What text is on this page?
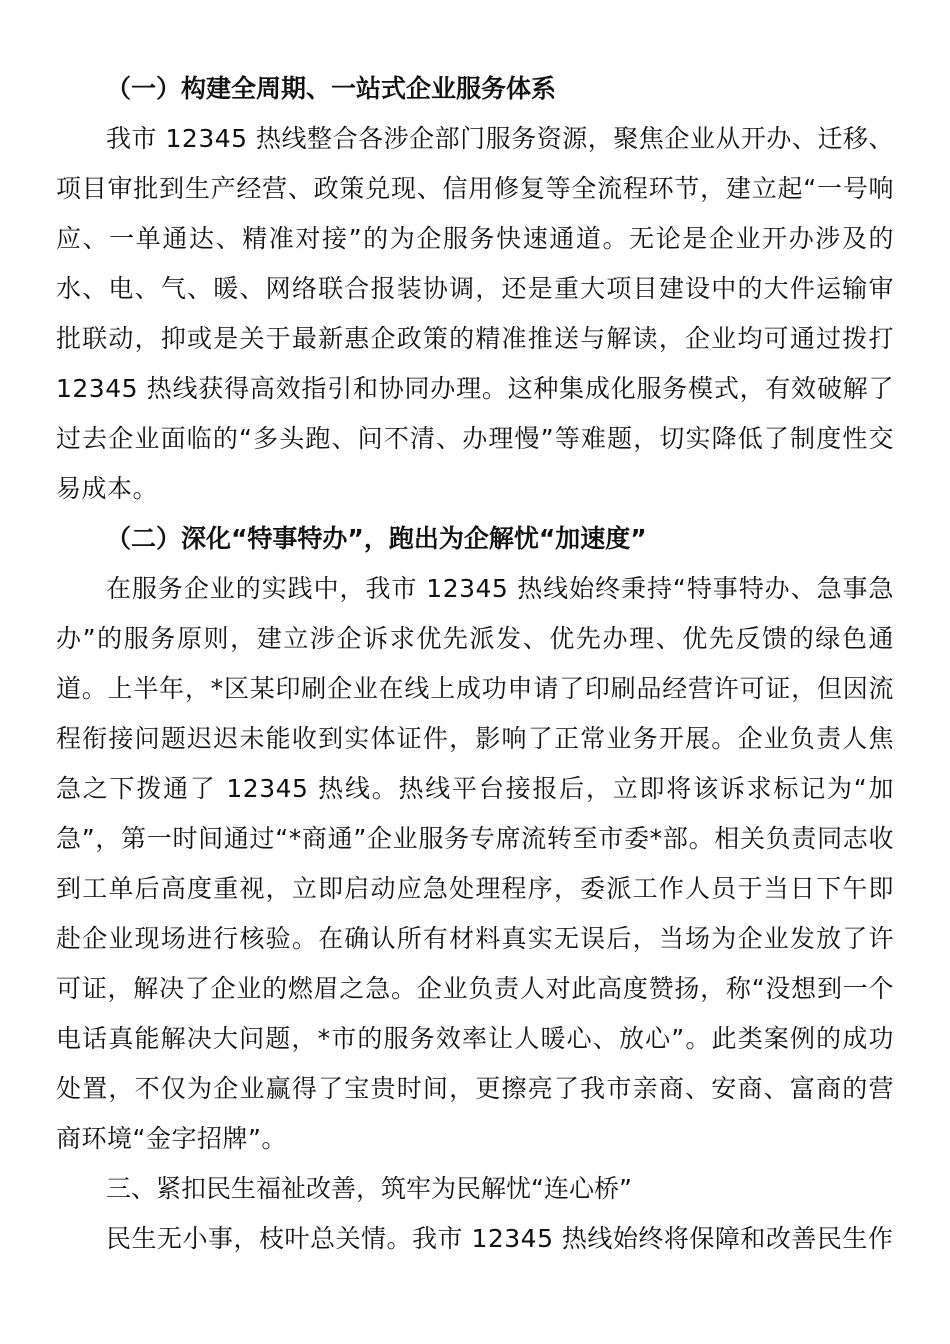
（一）构建全周期、一站式企业服务体系

我市 12345 热线整合各涉企部门服务资源，聚焦企业从开办、迁移、项目审批到生产经营、政策兑现、信用修复等全流程环节，建立起“一号响应、一单通达、精准对接”的为企服务快速通道。无论是企业开办涉及的水、电、气、暖、网络联合报装协调，还是重大项目建设中的大件运输审批联动，抑或是关于最新惠企政策的精准推送与解读，企业均可通过拨打 12345 热线获得高效指引和协同办理。这种集成化服务模式，有效破解了过去企业面临的“多头跑、问不清、办理慢”等难题，切实降低了制度性交易成本。

（二）深化“特事特办”，跑出为企解忧“加速度”

在服务企业的实践中，我市 12345 热线始终秉持“特事特办、急事急办”的服务原则，建立涉企诉求优先派发、优先办理、优先反馈的绿色通道。上半年，*区某印刷企业在线上成功申请了印刷品经营许可证，但因流程衔接问题迟迟未能收到实体证件，影响了正常业务开展。企业负责人焦急之下拨通了 12345 热线。热线平台接报后，立即将该诉求标记为“加急”，第一时间通过“*商通”企业服务专席流转至市委*部。相关负责同志收到工单后高度重视，立即启动应急处理程序，委派工作人员于当日下午即赴企业现场进行核验。在确认所有材料真实无误后，当场为企业发放了许可证，解决了企业的燃眉之急。企业负责人对此高度赞扬，称“没想到一个电话真能解决大问题，*市的服务效率让人暖心、放心”。此类案例的成功处置，不仅为企业赢得了宝贵时间，更擦亮了我市亲商、安商、富商的营商环境“金字招牌”。

三、紧扣民生福祉改善，筑牢为民解忧“连心桥”

民生无小事，枝叶总关情。我市 12345 热线始终将保障和改善民生作
